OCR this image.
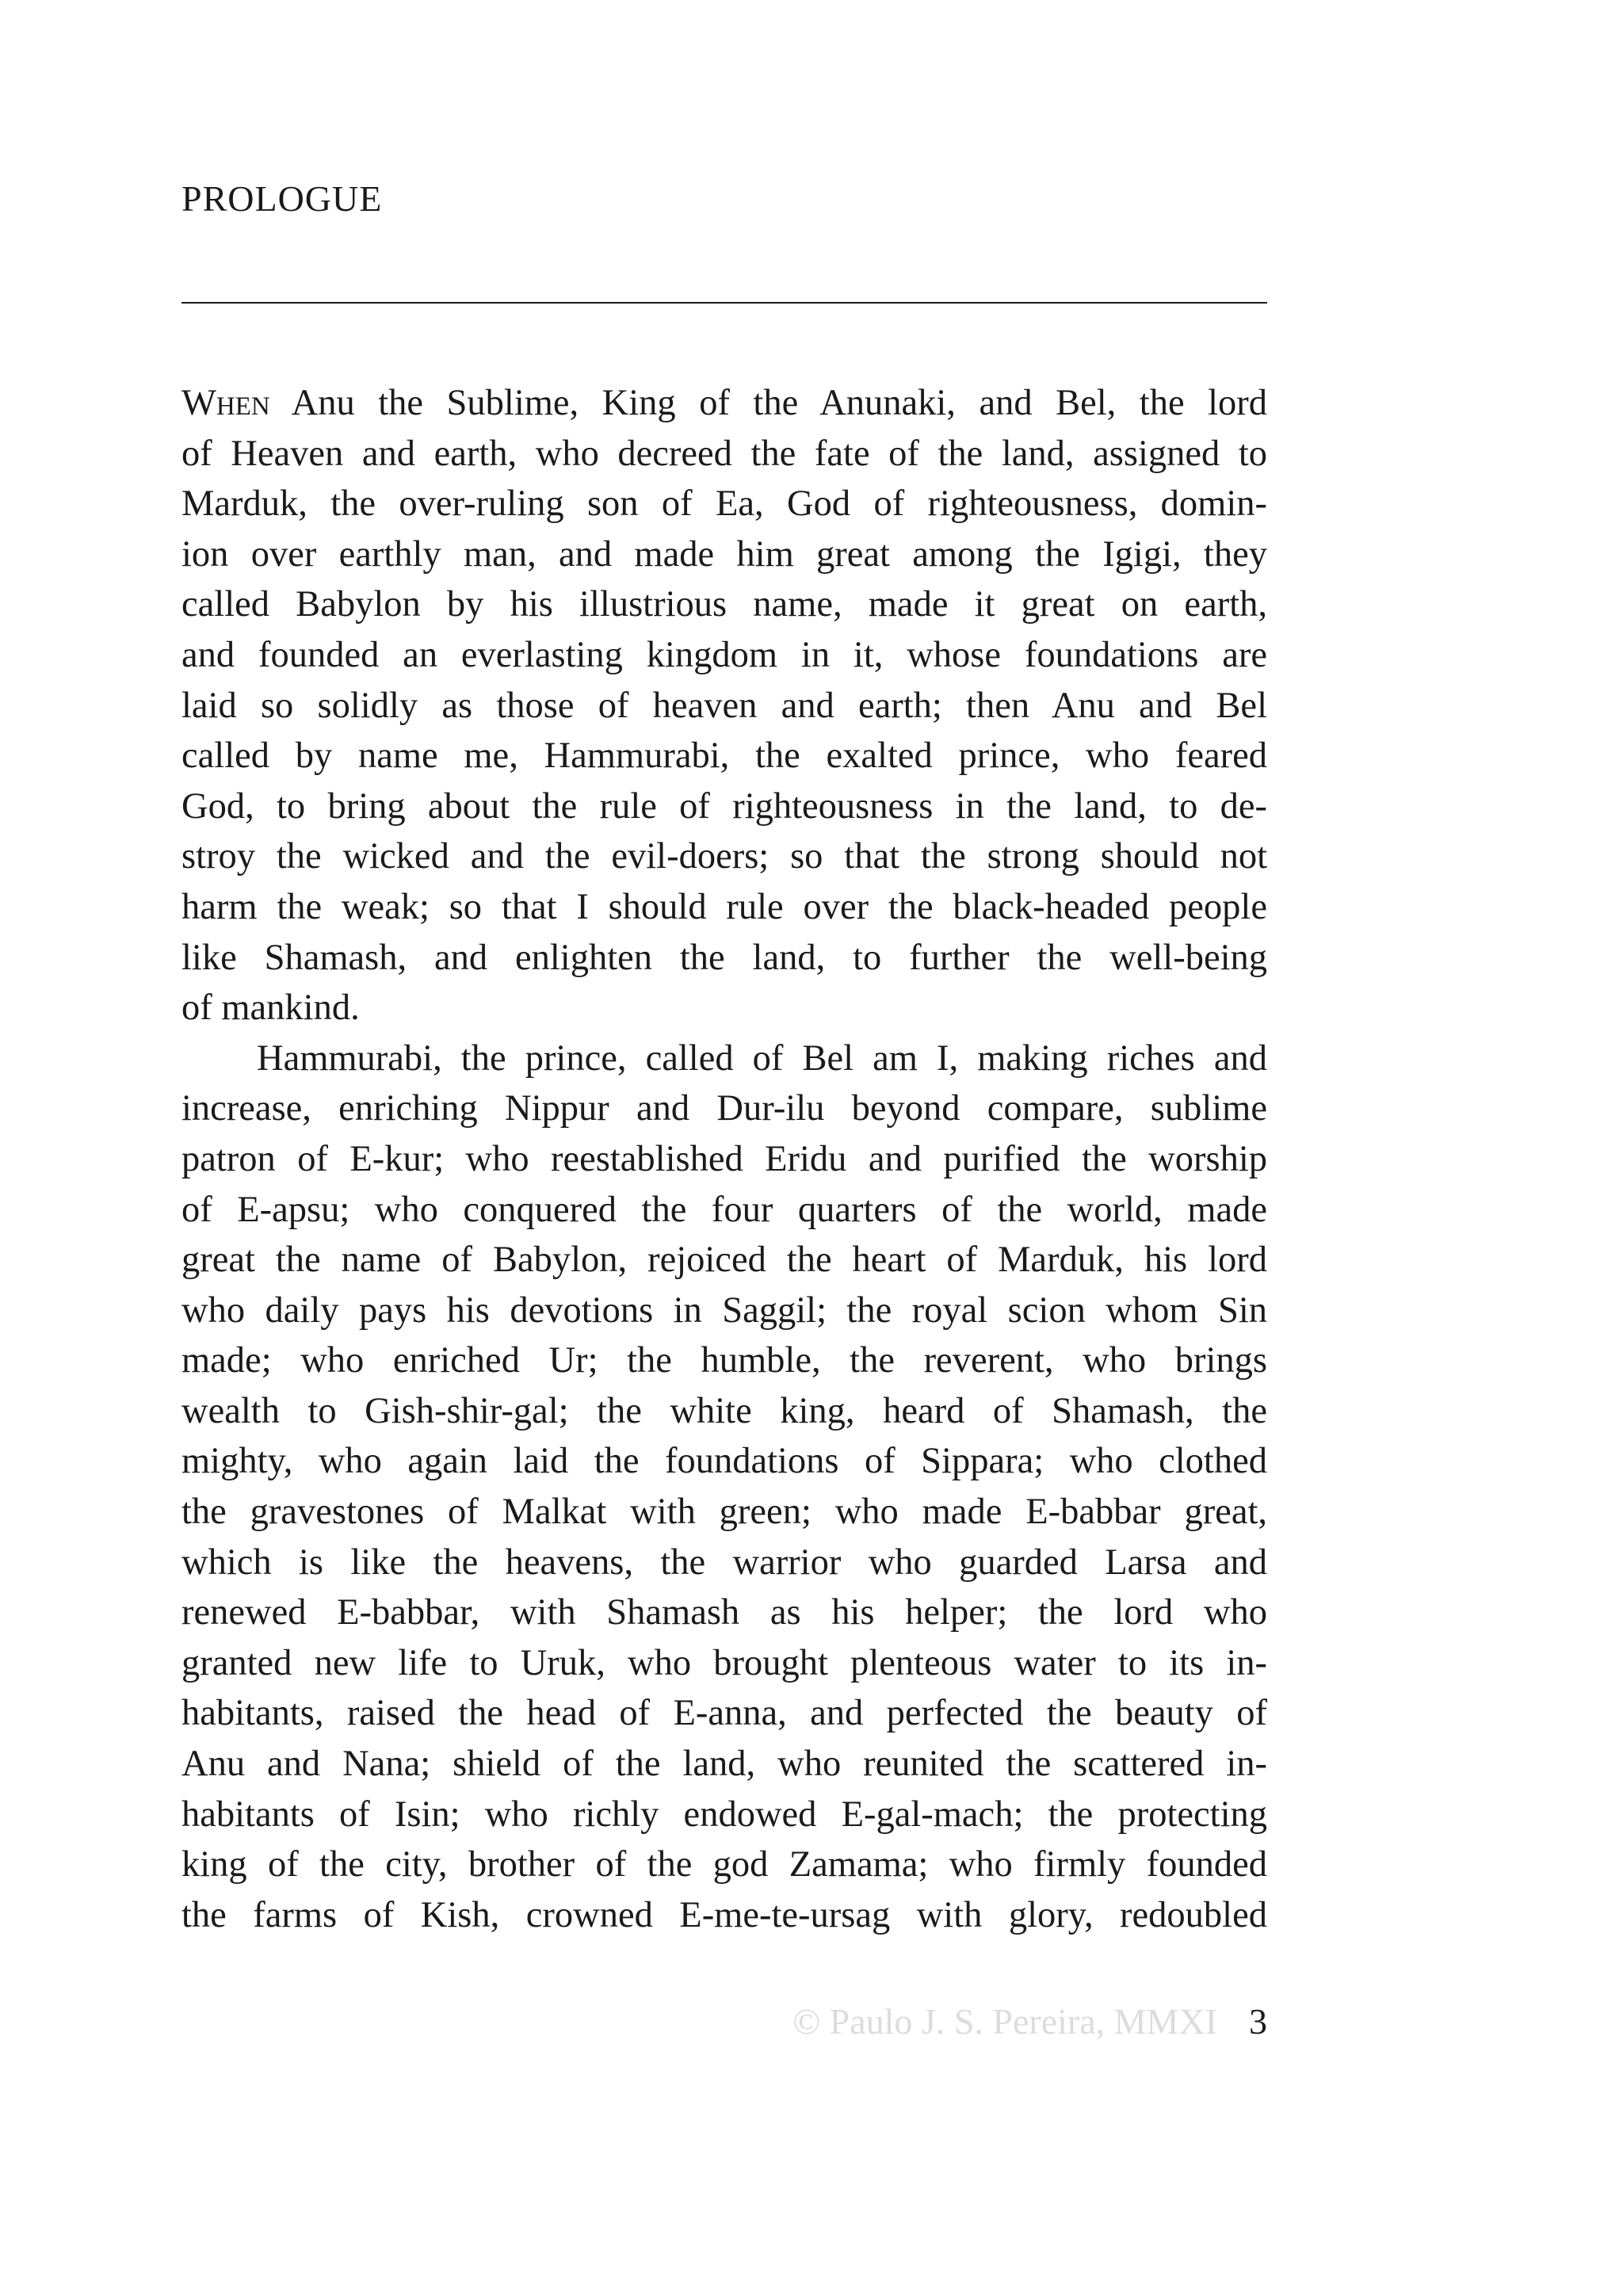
PROLOGUE
When Anu the Sublime, King of the Anunaki, and Bel, the lord
of Heaven and earth, who decreed the fate of the land, assigned to
Marduk, the over-ruling son of Ea, God of righteousness, domin-
ion over earthly man, and made him great among the Igigi, they
called Babylon by his illustrious name, made it great on earth,
and founded an everlasting kingdom in it, whose foundations are
laid so solidly as those of heaven and earth; then Anu and Bel
called by name me, Hammurabi, the exalted prince, who feared
God, to bring about the rule of righteousness in the land, to de-
stroy the wicked and the evil-doers; so that the strong should not
harm the weak; so that I should rule over the black-headed people
like Shamash, and enlighten the land, to further the well-being
of mankind.
Hammurabi, the prince, called of Bel am I, making riches and
increase, enriching Nippur and Dur-ilu beyond compare, sublime
patron of E-kur; who reestablished Eridu and purified the worship
of E-apsu; who conquered the four quarters of the world, made
great the name of Babylon, rejoiced the heart of Marduk, his lord
who daily pays his devotions in Saggil; the royal scion whom Sin
made; who enriched Ur; the humble, the reverent, who brings
wealth to Gish-shir-gal; the white king, heard of Shamash, the
mighty, who again laid the foundations of Sippara; who clothed
the gravestones of Malkat with green; who made E-babbar great,
which is like the heavens, the warrior who guarded Larsa and
renewed E-babbar, with Shamash as his helper; the lord who
granted new life to Uruk, who brought plenteous water to its in-
habitants, raised the head of E-anna, and perfected the beauty of
Anu and Nana; shield of the land, who reunited the scattered in-
habitants of Isin; who richly endowed E-gal-mach; the protecting
king of the city, brother of the god Zamama; who firmly founded
the farms of Kish, crowned E-me-te-ursag with glory, redoubled
© Paulo J. S. Pereira, MMXI 3
